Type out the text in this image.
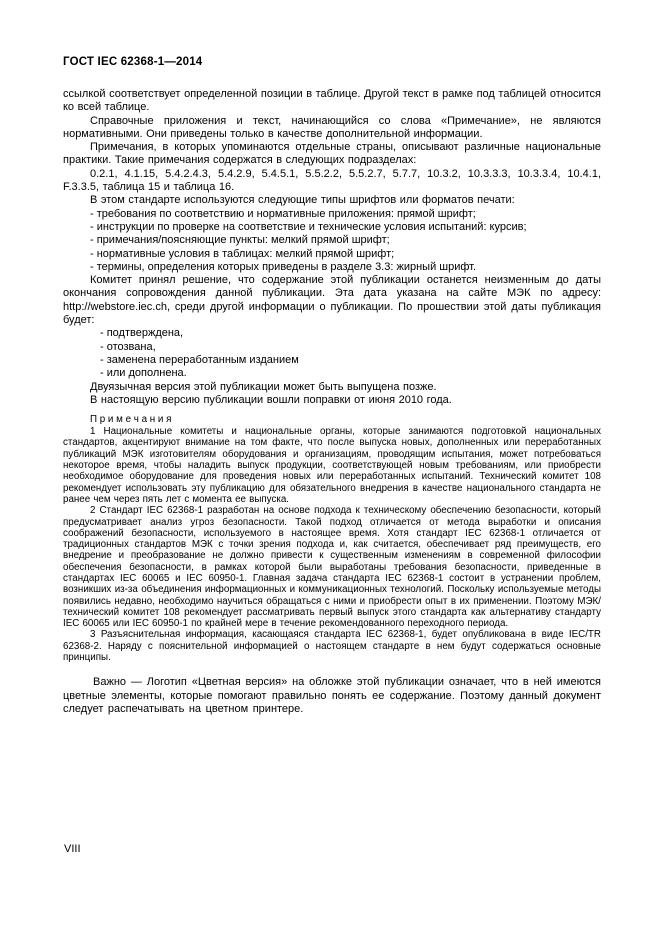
ГОСТ IEC 62368-1—2014

ссылкой соответствует определенной позиции в таблице. Другой текст в рамке под таблицей относится ко всей таблице.

Справочные приложения и текст, начинающийся со слова «Примечание», не являются нормативными. Они приведены только в качестве дополнительной информации.

Примечания, в которых упоминаются отдельные страны, описывают различные национальные практики. Такие примечания содержатся в следующих подразделах:

0.2.1, 4.1.15, 5.4.2.4.3, 5.4.2.9, 5.4.5.1, 5.5.2.2, 5.5.2.7, 5.7.7, 10.3.2, 10.3.3.3, 10.3.3.4, 10.4.1, F.3.3.5, таблица 15 и таблица 16.

В этом стандарте используются следующие типы шрифтов или форматов печати:

- требования по соответствию и нормативные приложения: прямой шрифт;
- инструкции по проверке на соответствие и технические условия испытаний: курсив;
- примечания/поясняющие пункты: мелкий прямой шрифт;
- нормативные условия в таблицах: мелкий прямой шрифт;
- термины, определения которых приведены в разделе 3.3: жирный шрифт.

Комитет принял решение, что содержание этой публикации останется неизменным до даты окончания сопровождения данной публикации. Эта дата указана на сайте МЭК по адресу: http://webstore.iec.ch, среди другой информации о публикации. По прошествии этой даты публикация будет:

- подтверждена,
- отозвана,
- заменена переработанным изданием
- или дополнена.

Двуязычная версия этой публикации может быть выпущена позже.

В настоящую версию публикации вошли поправки от июня 2010 года.

П р и м е ч а н и я

1 Национальные комитеты и национальные органы, которые занимаются подготовкой национальных стандартов, акцентируют внимание на том факте, что после выпуска новых, дополненных или переработанных публикаций МЭК изготовителям оборудования и организациям, проводящим испытания, может потребоваться некоторое время, чтобы наладить выпуск продукции, соответствующей новым требованиям, или приобрести необходимое оборудование для проведения новых или переработанных испытаний. Технический комитет 108 рекомендует использовать эту публикацию для обязательного внедрения в качестве национального стандарта не ранее чем через пять лет с момента ее выпуска.

2 Стандарт IEC 62368-1 разработан на основе подхода к техническому обеспечению безопасности, который предусматривает анализ угроз безопасности. Такой подход отличается от метода выработки и описания соображений безопасности, используемого в настоящее время. Хотя стандарт IEC 62368-1 отличается от традиционных стандартов МЭК с точки зрения подхода и, как считается, обеспечивает ряд преимуществ, его внедрение и преобразование не должно привести к существенным изменениям в современной философии обеспечения безопасности, в рамках которой были выработаны требования безопасности, приведенные в стандартах IEC 60065 и IEC 60950-1. Главная задача стандарта IEC 62368-1 состоит в устранении проблем, возникших из-за объединения информационных и коммуникационных технологий. Поскольку используемые методы появились недавно, необходимо научиться обращаться с ними и приобрести опыт в их применении. Поэтому МЭК/технический комитет 108 рекомендует рассматривать первый выпуск этого стандарта как альтернативу стандарту IEC 60065 или IEC 60950-1 по крайней мере в течение рекомендованного переходного периода.

3 Разъяснительная информация, касающаяся стандарта IEC 62368-1, будет опубликована в виде IEC/TR 62368-2. Наряду с пояснительной информацией о настоящем стандарте в нем будут содержаться основные принципы.

Важно — Логотип «Цветная версия» на обложке этой публикации означает, что в ней имеются цветные элементы, которые помогают правильно понять ее содержание. Поэтому данный документ следует распечатывать на цветном принтере.

VIII
